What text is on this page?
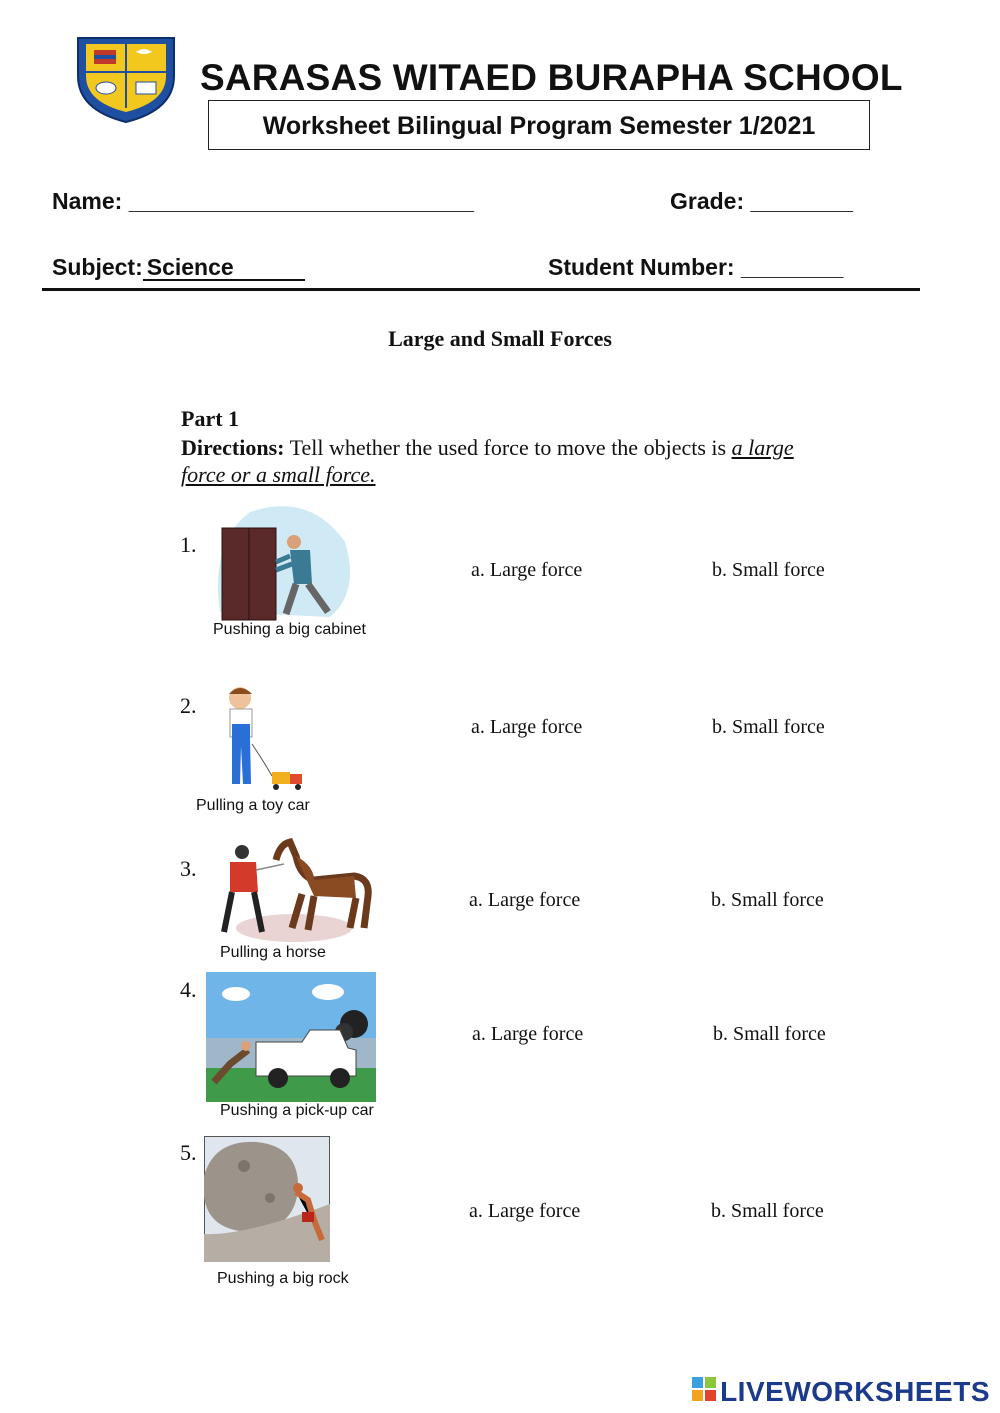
SARASAS WITAED BURAPHA SCHOOL
Worksheet Bilingual Program Semester 1/2021
Name: ___________________________	Grade: ________
Subject: Science	Student Number: ________
Large and Small Forces
Part 1
Directions: Tell whether the used force to move the objects is a large
force or a small force.
1.
Pushing a big cabinet
a. Large force	b. Small force
2.
Pulling a toy car
a. Large force	b. Small force
3.
Pulling a horse
a. Large force	b. Small force
4.
Pushing a pick-up car
a. Large force	b. Small force
5.
Pushing a big rock
a. Large force	b. Small force
LIVEWORKSHEETS
